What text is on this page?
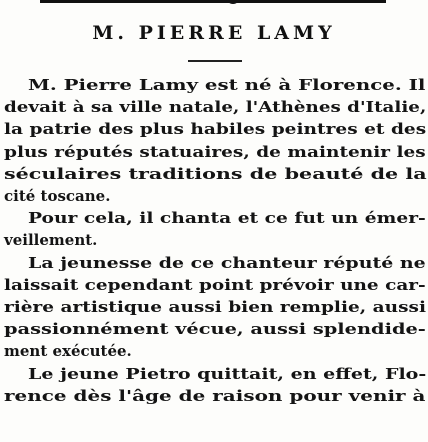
M. PIERRE LAMY
M. Pierre Lamy est né à Florence. Il
devait à sa ville natale, l'Athènes d'Italie,
la patrie des plus habiles peintres et des
plus réputés statuaires, de maintenir les
séculaires traditions de beauté de la
cité toscane.
Pour cela, il chanta et ce fut un émer-
veillement.
La jeunesse de ce chanteur réputé ne
laissait cependant point prévoir une car-
rière artistique aussi bien remplie, aussi
passionnément vécue, aussi splendide-
ment exécutée.
Le jeune Pietro quittait, en effet, Flo-
rence dès l'âge de raison pour venir à
